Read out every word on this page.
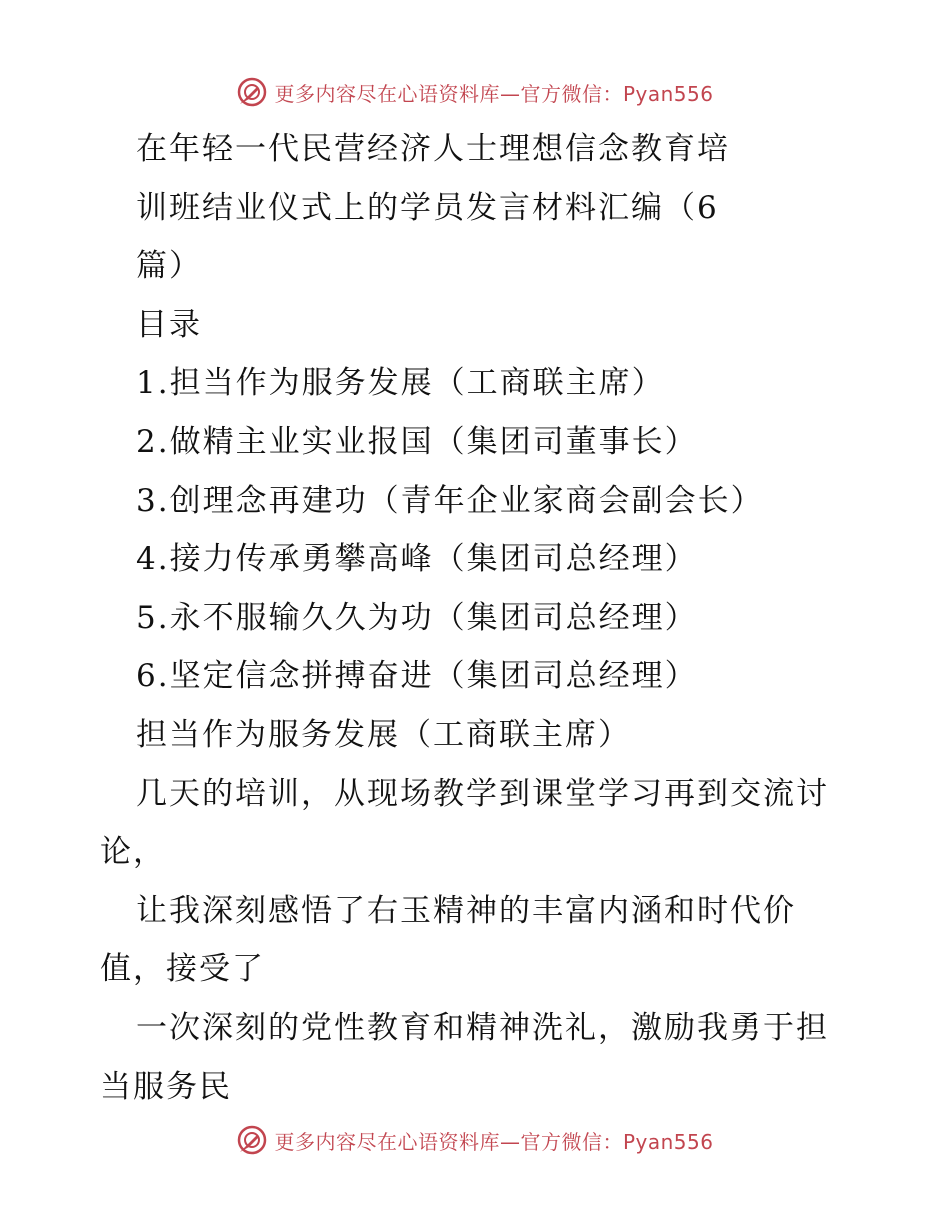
更多内容尽在心语资料库—官方微信：Pyan556

在年轻一代民营经济人士理想信念教育培

训班结业仪式上的学员发言材料汇编（6

篇）

目录

1.担当作为服务发展（工商联主席）

2.做精主业实业报国（集团司董事长）

3.创理念再建功（青年企业家商会副会长）

4.接力传承勇攀高峰（集团司总经理）

5.永不服输久久为功（集团司总经理）

6.坚定信念拼搏奋进（集团司总经理）

担当作为服务发展（工商联主席）

几天的培训，从现场教学到课堂学习再到交流讨

论，

让我深刻感悟了右玉精神的丰富内涵和时代价

值，接受了

一次深刻的党性教育和精神洗礼，激励我勇于担

当服务民

更多内容尽在心语资料库—官方微信：Pyan556
